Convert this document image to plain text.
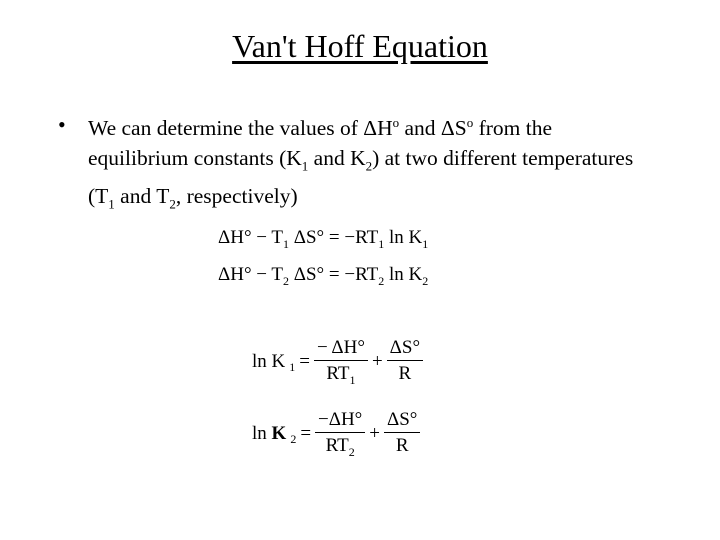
Van't Hoff Equation
• We can determine the values of $\Delta H^o$ and $\Delta S^o$ from the equilibrium constants ($K_1$ and $K_2$) at two different temperatures ($T_1$ and $T_2$, respectively)
$\Delta H^\circ - T_1$ $\Delta S^\circ = -RT_1$ $\ln K_1$
$\Delta H^\circ - T_2$ $\Delta S^\circ = -RT_2$ $\ln K_2$
ln K $_1 = \frac{- \Delta H^\circ}{RT_1} + \frac{\Delta S^\circ}{R}$
ln K $_2 = \frac{-\Delta H^\circ}{RT_2} + \frac{\Delta S^\circ}{R}$
